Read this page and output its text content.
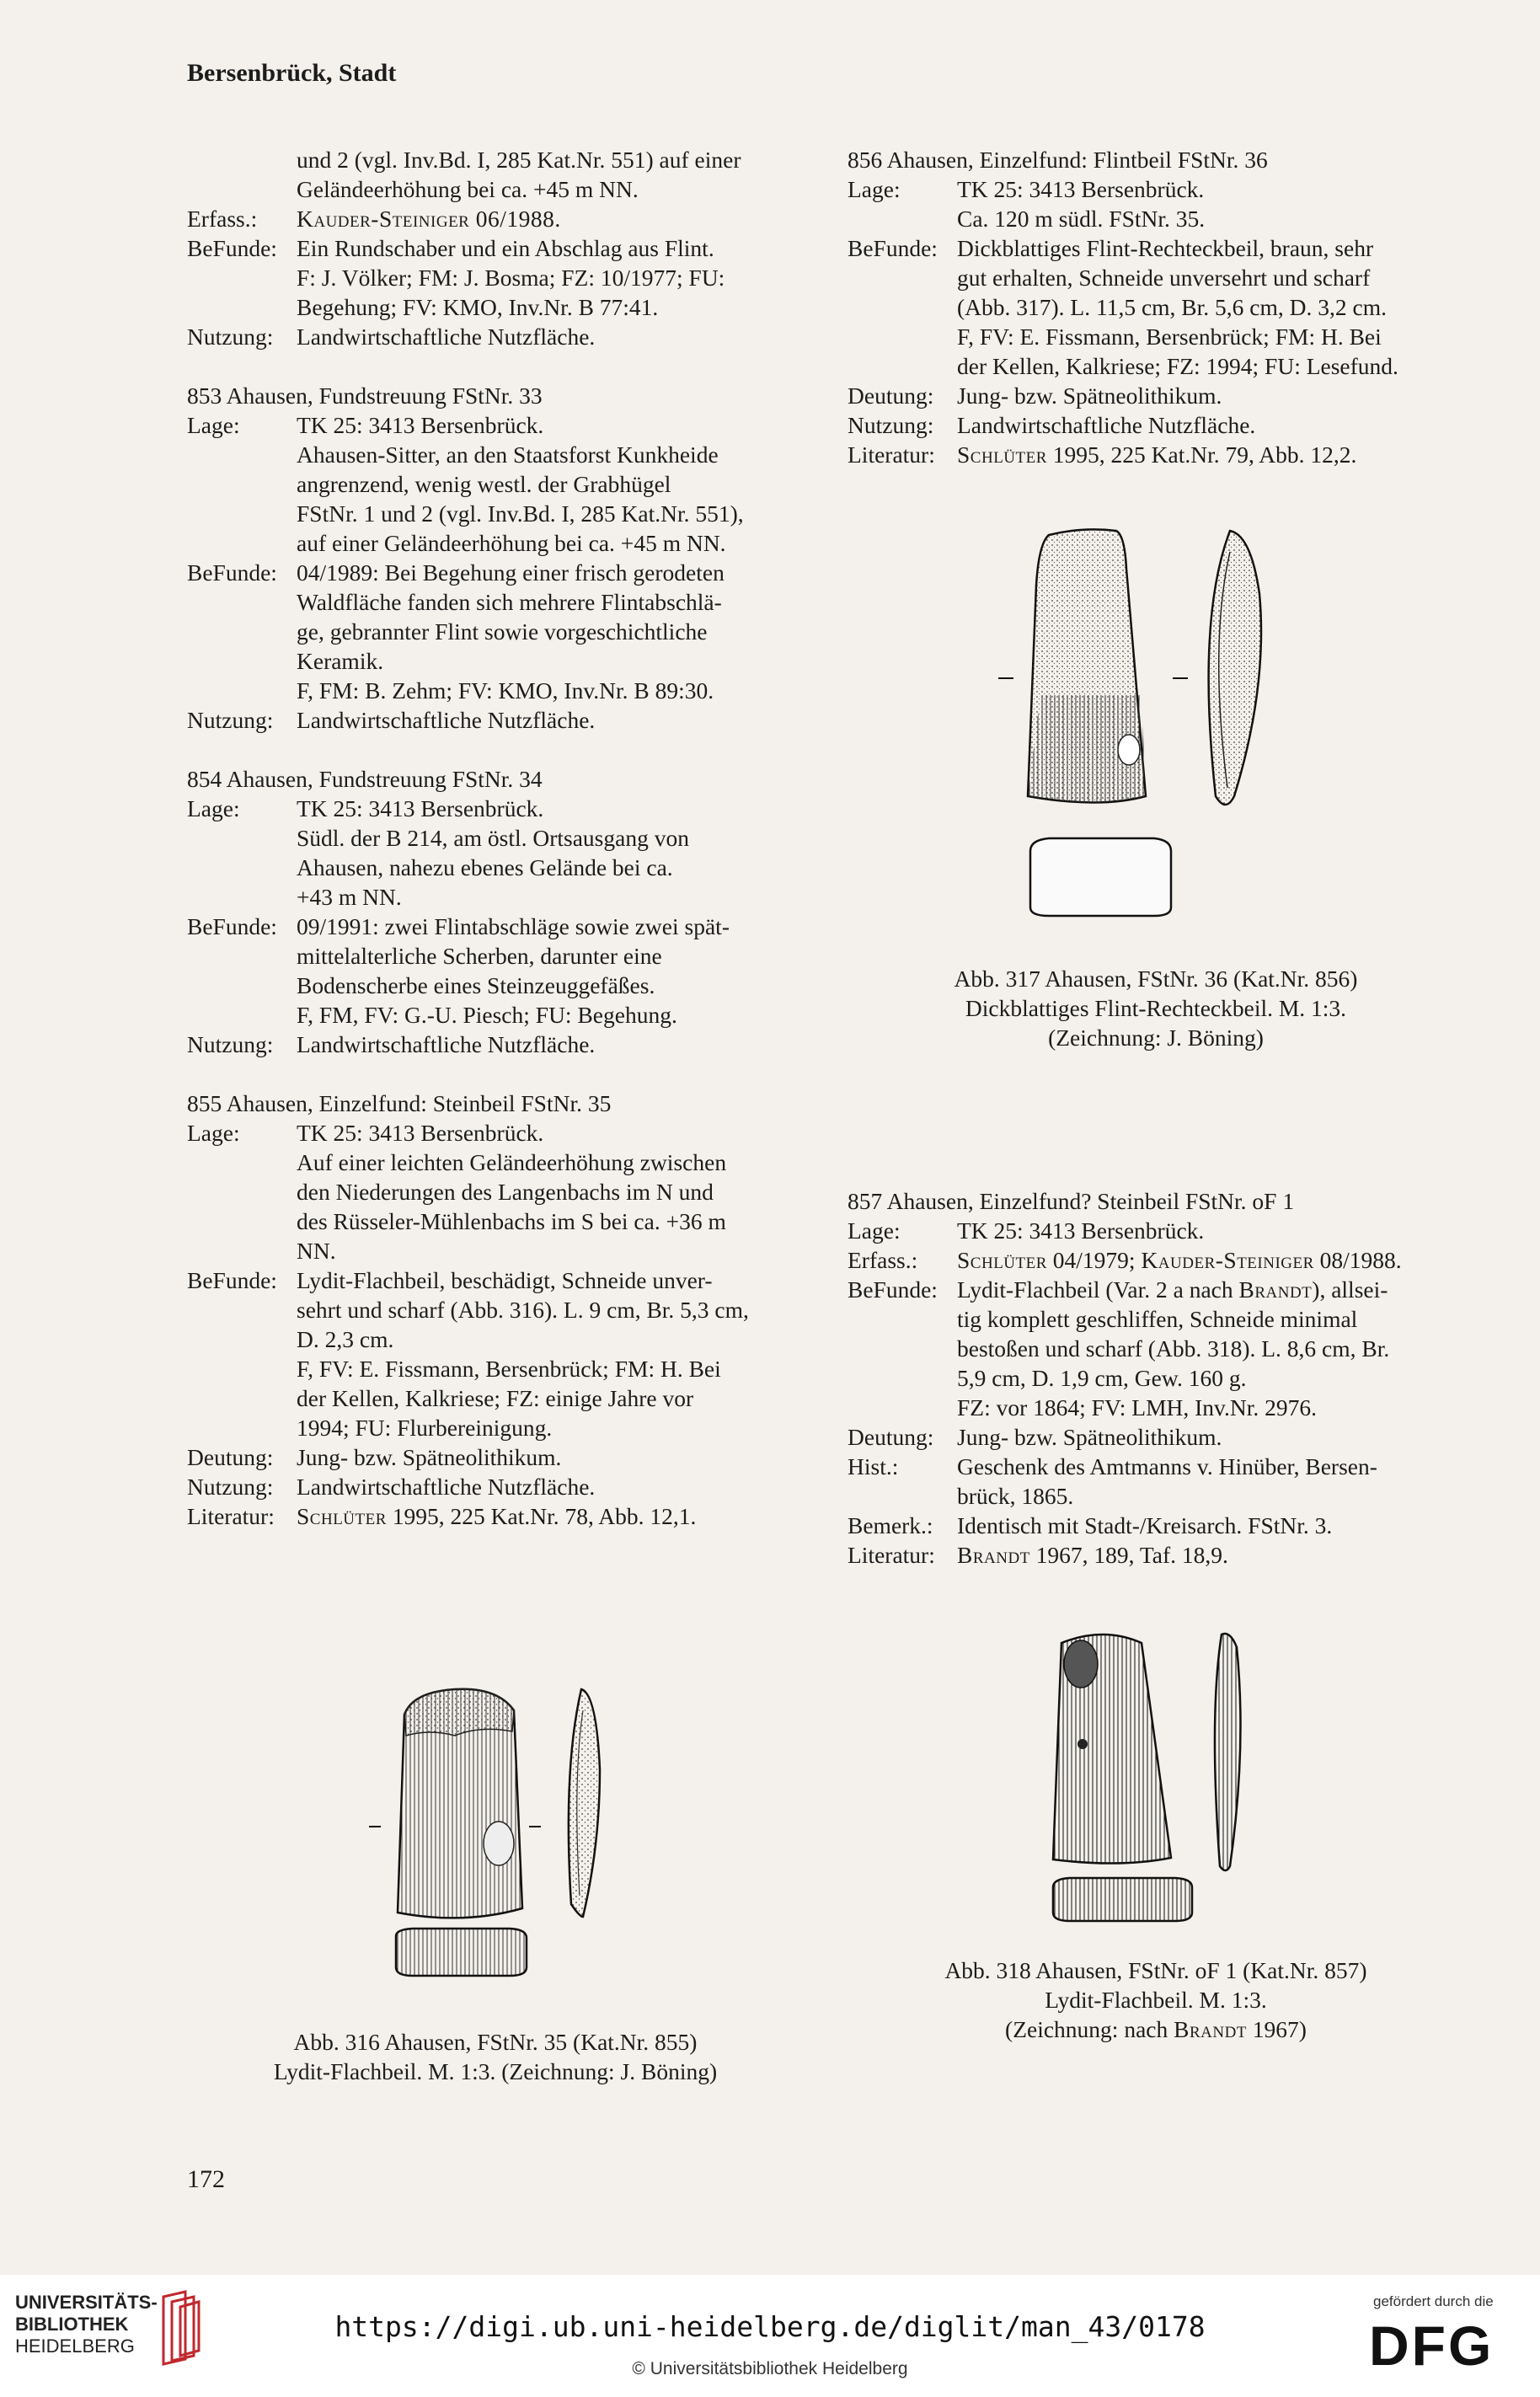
Bersenbrück, Stadt
und 2 (vgl. Inv.Bd. I, 285 Kat.Nr. 551) auf einer
Geländeerhöhung bei ca. +45 m NN.
Erfass.:	Kauder-Steiniger 06/1988.
BeFunde: Ein Rundschaber und ein Abschlag aus Flint.
F: J. Völker; FM: J. Bosma; FZ: 10/1977; FU:
Begehung; FV: KMO, Inv.Nr. B 77:41.
Nutzung:	Landwirtschaftliche Nutzfläche.
853 Ahausen, Fundstreuung FStNr. 33
Lage:	TK 25: 3413 Bersenbrück.
Ahausen-Sitter, an den Staatsforst Kunkheide
angrenzend, wenig westl. der Grabhügel
FStNr. 1 und 2 (vgl. Inv.Bd. I, 285 Kat.Nr. 551),
auf einer Geländeerhöhung bei ca. +45 m NN.
BeFunde: 04/1989: Bei Begehung einer frisch gerodeten
Waldfläche fanden sich mehrere Flintabschlä-
ge, gebrannter Flint sowie vorgeschichtliche
Keramik.
F, FM: B. Zehm; FV: KMO, Inv.Nr. B 89:30.
Nutzung:	Landwirtschaftliche Nutzfläche.
854 Ahausen, Fundstreuung FStNr. 34
Lage:	TK 25: 3413 Bersenbrück.
Südl. der B 214, am östl. Ortsausgang von
Ahausen, nahezu ebenes Gelände bei ca.
+43 m NN.
BeFunde: 09/1991: zwei Flintabschläge sowie zwei spät-
mittelalterliche Scherben, darunter eine
Bodenscherbe eines Steinzeuggefäßes.
F, FM, FV: G.-U. Piesch; FU: Begehung.
Nutzung:	Landwirtschaftliche Nutzfläche.
855 Ahausen, Einzelfund: Steinbeil FStNr. 35
Lage:	TK 25: 3413 Bersenbrück.
Auf einer leichten Geländeerhöhung zwischen
den Niederungen des Langenbachs im N und
des Rüsseler-Mühlenbachs im S bei ca. +36 m
NN.
BeFunde: Lydit-Flachbeil, beschädigt, Schneide unver-
sehrt und scharf (Abb. 316). L. 9 cm, Br. 5,3 cm,
D. 2,3 cm.
F, FV: E. Fissmann, Bersenbrück; FM: H. Bei
der Kellen, Kalkriese; FZ: einige Jahre vor
1994; FU: Flurbereinigung.
Deutung:	Jung- bzw. Spätneolithikum.
Nutzung:	Landwirtschaftliche Nutzfläche.
Literatur: Schlüter 1995, 225 Kat.Nr. 78, Abb. 12,1.
Abb. 316 Ahausen, FStNr. 35 (Kat.Nr. 855)
Lydit-Flachbeil. M. 1:3. (Zeichnung: J. Böning)
856 Ahausen, Einzelfund: Flintbeil FStNr. 36
Lage:	TK 25: 3413 Bersenbrück.
Ca. 120 m südl. FStNr. 35.
BeFunde: Dickblattiges Flint-Rechteckbeil, braun, sehr
gut erhalten, Schneide unversehrt und scharf
(Abb. 317). L. 11,5 cm, Br. 5,6 cm, D. 3,2 cm.
F, FV: E. Fissmann, Bersenbrück; FM: H. Bei
der Kellen, Kalkriese; FZ: 1994; FU: Lesefund.
Deutung:	Jung- bzw. Spätneolithikum.
Nutzung:	Landwirtschaftliche Nutzfläche.
Literatur: Schlüter 1995, 225 Kat.Nr. 79, Abb. 12,2.
Abb. 317 Ahausen, FStNr. 36 (Kat.Nr. 856)
Dickblattiges Flint-Rechteckbeil. M. 1:3.
(Zeichnung: J. Böning)
857 Ahausen, Einzelfund? Steinbeil FStNr. oF 1
Lage:	TK 25: 3413 Bersenbrück.
Erfass.:	Schlüter 04/1979; Kauder-Steiniger 08/1988.
BeFunde: Lydit-Flachbeil (Var. 2 a nach Brandt), allsei-
tig komplett geschliffen, Schneide minimal
bestoßen und scharf (Abb. 318). L. 8,6 cm, Br.
5,9 cm, D. 1,9 cm, Gew. 160 g.
FZ: vor 1864; FV: LMH, Inv.Nr. 2976.
Deutung:	Jung- bzw. Spätneolithikum.
Hist.:	Geschenk des Amtmanns v. Hinüber, Bersen-
brück, 1865.
Bemerk.:	Identisch mit Stadt-/Kreisarch. FStNr. 3.
Literatur: Brandt 1967, 189, Taf. 18,9.
Abb. 318 Ahausen, FStNr. oF 1 (Kat.Nr. 857)
Lydit-Flachbeil. M. 1:3.
(Zeichnung: nach Brandt 1967)
172
UNIVERSITÄTS-
BIBLIOTHEK
HEIDELBERG
https://digi.ub.uni-heidelberg.de/diglit/man_43/0178
© Universitätsbibliothek Heidelberg
gefördert durch die
DFG
